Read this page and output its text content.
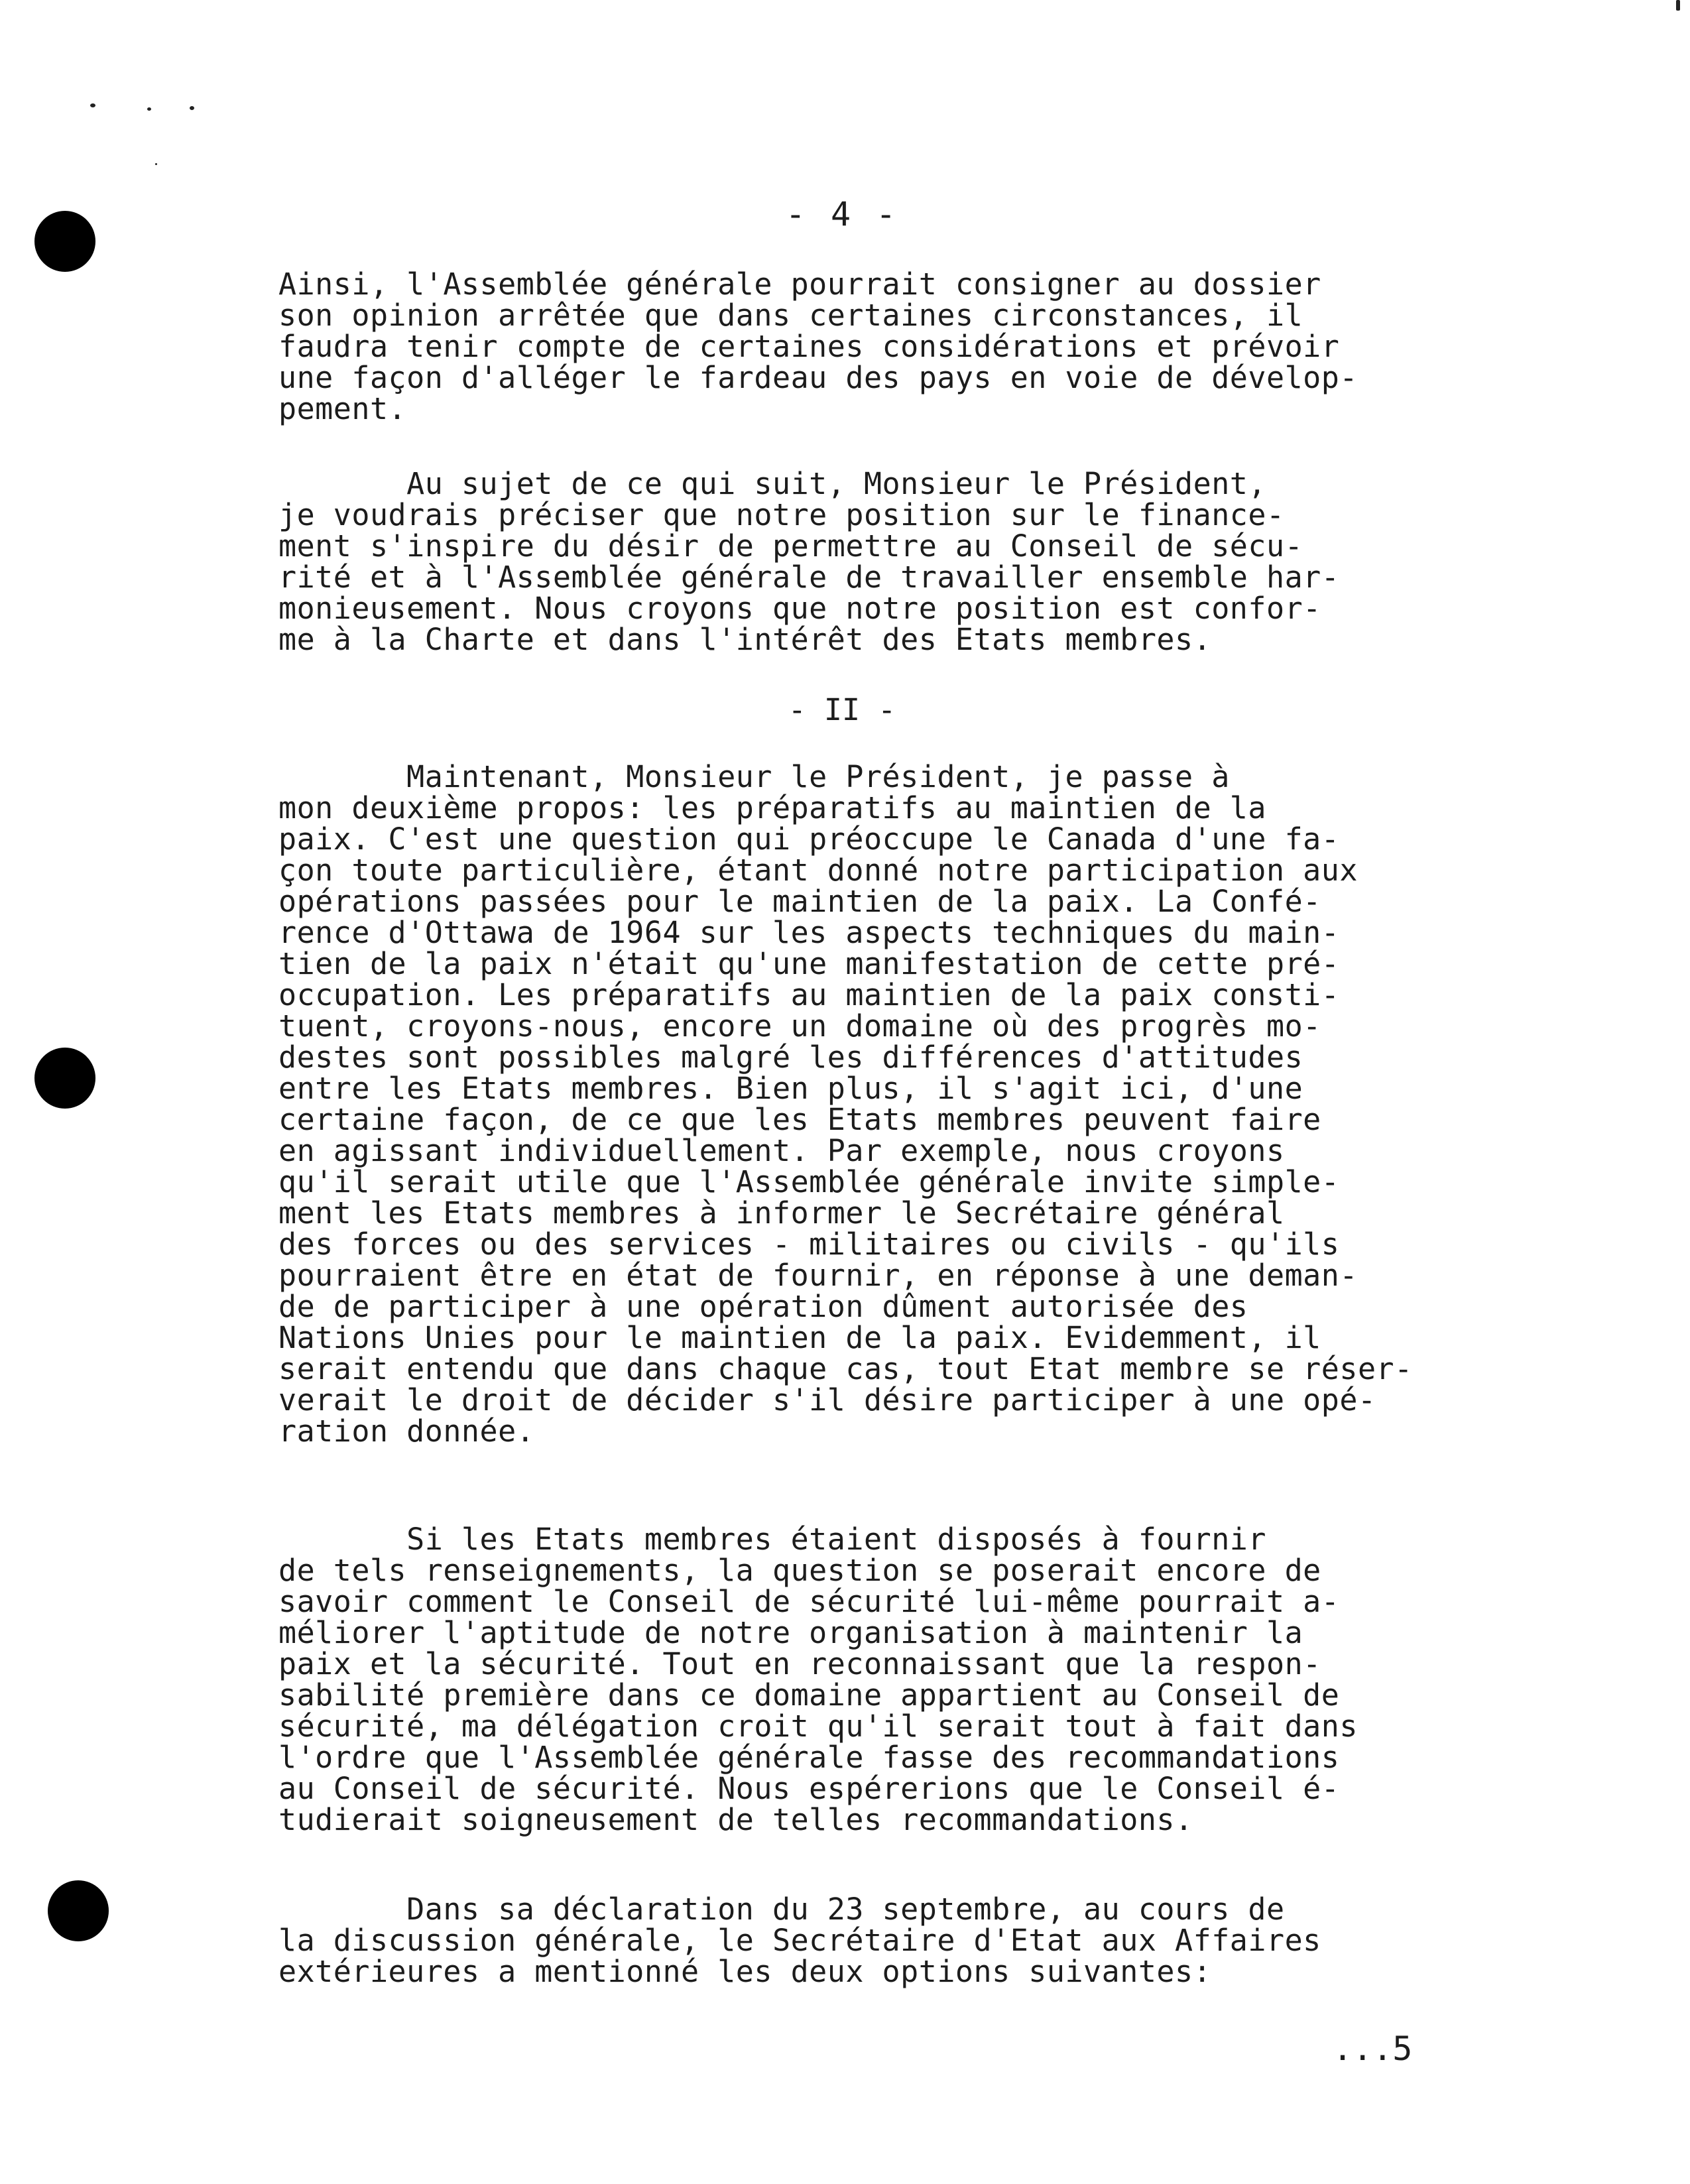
- 4 -
Ainsi, l'Assemblée générale pourrait consigner au dossier
son opinion arrêtée que dans certaines circonstances, il
faudra tenir compte de certaines considérations et prévoir
une façon d'alléger le fardeau des pays en voie de dévelop-
pement.
Au sujet de ce qui suit, Monsieur le Président,
je voudrais préciser que notre position sur le finance-
ment s'inspire du désir de permettre au Conseil de sécu-
rité et à l'Assemblée générale de travailler ensemble har-
monieusement. Nous croyons que notre position est confor-
me à la Charte et dans l'intérêt des Etats membres.
- II -
Maintenant, Monsieur le Président, je passe à
mon deuxième propos: les préparatifs au maintien de la
paix. C'est une question qui préoccupe le Canada d'une fa-
çon toute particulière, étant donné notre participation aux
opérations passées pour le maintien de la paix. La Confé-
rence d'Ottawa de 1964 sur les aspects techniques du main-
tien de la paix n'était qu'une manifestation de cette pré-
occupation. Les préparatifs au maintien de la paix consti-
tuent, croyons-nous, encore un domaine où des progrès mo-
destes sont possibles malgré les différences d'attitudes
entre les Etats membres. Bien plus, il s'agit ici, d'une
certaine façon, de ce que les Etats membres peuvent faire
en agissant individuellement. Par exemple, nous croyons
qu'il serait utile que l'Assemblée générale invite simple-
ment les Etats membres à informer le Secrétaire général
des forces ou des services - militaires ou civils - qu'ils
pourraient être en état de fournir, en réponse à une deman-
de de participer à une opération dûment autorisée des
Nations Unies pour le maintien de la paix. Evidemment, il
serait entendu que dans chaque cas, tout Etat membre se réser-
verait le droit de décider s'il désire participer à une opé-
ration donnée.
Si les Etats membres étaient disposés à fournir
de tels renseignements, la question se poserait encore de
savoir comment le Conseil de sécurité lui-même pourrait a-
méliorer l'aptitude de notre organisation à maintenir la
paix et la sécurité. Tout en reconnaissant que la respon-
sabilité première dans ce domaine appartient au Conseil de
sécurité, ma délégation croit qu'il serait tout à fait dans
l'ordre que l'Assemblée générale fasse des recommandations
au Conseil de sécurité. Nous espérerions que le Conseil é-
tudierait soigneusement de telles recommandations.
Dans sa déclaration du 23 septembre, au cours de
la discussion générale, le Secrétaire d'Etat aux Affaires
extérieures a mentionné les deux options suivantes:
...5
